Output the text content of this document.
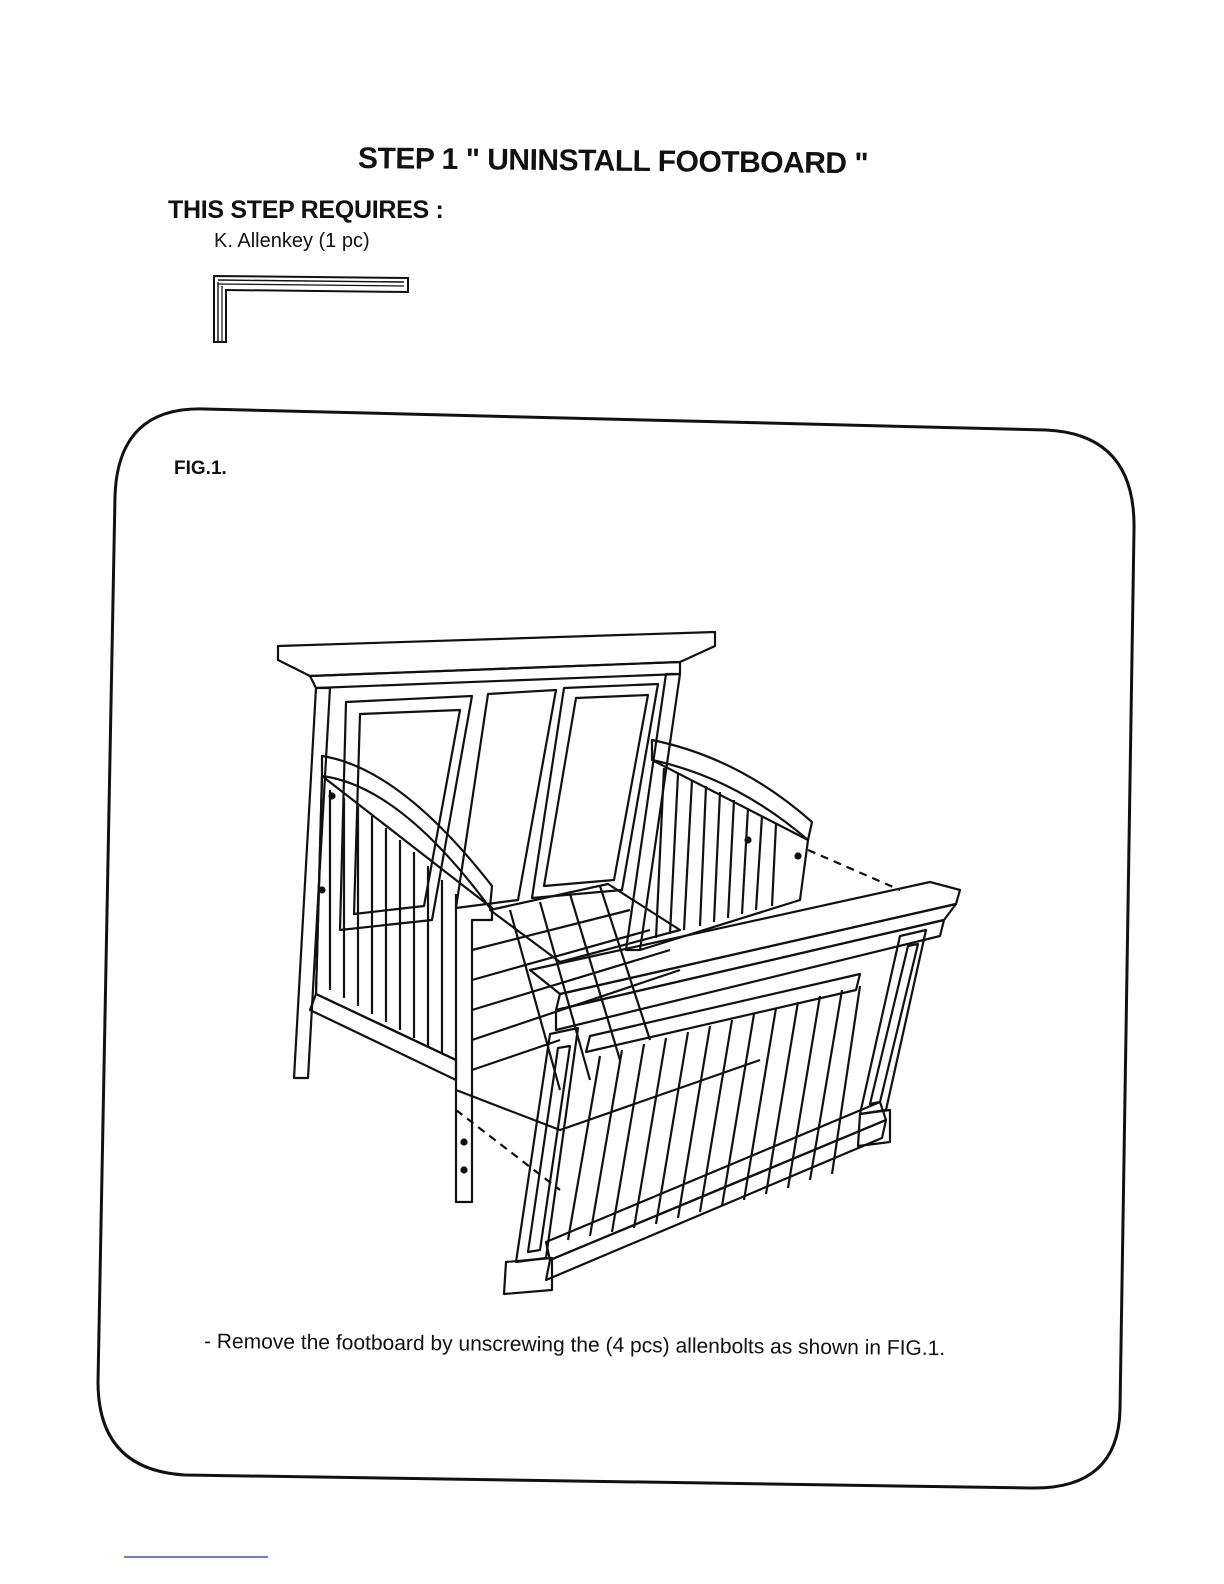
STEP 1 " UNINSTALL FOOTBOARD "
THIS STEP REQUIRES :
K. Allenkey (1 pc)
FIG.1.
- Remove the footboard by unscrewing the (4 pcs) allenbolts as shown in FIG.1.
